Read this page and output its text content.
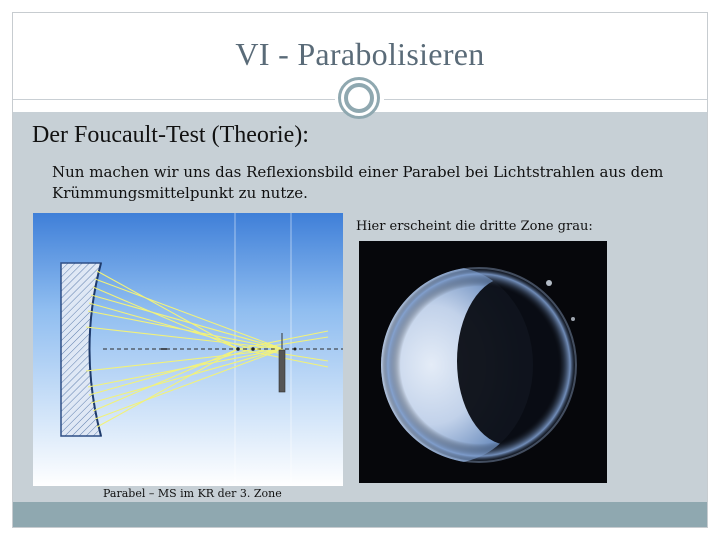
VI - Parabolisieren
Der Foucault-Test (Theorie):
Nun machen wir uns das Reflexionsbild einer Parabel bei Lichtstrahlen aus dem Krümmungsmittelpunkt zu nutze.
Hier erscheint die dritte Zone grau:
Parabel – MS im KR der 3. Zone
